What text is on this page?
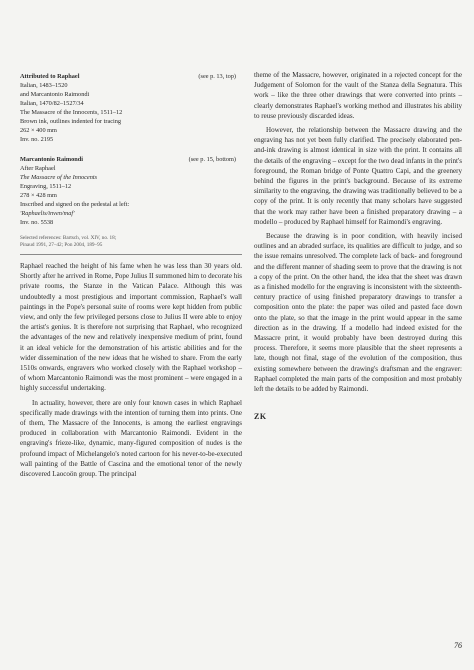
(see p. 13, top)

Attributed to Raphael

Italian, 1483–1520

and Marcantonio Raimondi

Italian, 1470/82–1527/34

The Massacre of the Innocents, 1511–12

Brown ink, outlines indented for tracing

262 × 400 mm

Inv. no. 2195

(see p. 15, bottom)

Marcantonio Raimondi

After Raphael

The Massacre of the Innocents

Engraving, 1511–12

278 × 428 mm

Inscribed and signed on the pedestal at left:

'Raphaelis/inven/maf'

Inv. no. 5538

Selected references: Bartsch, vol. XIV, no. 18;

Pinaud 1991, 27–42; Pon 2004, 189–95

Raphael reached the height of his fame when he was less than 30 years old. Shortly after he arrived in Rome, Pope Julius II summoned him to decorate his private rooms, the Stanze in the Vatican Palace. Although this was undoubtedly a most prestigious and important commission, Raphael's wall paintings in the Pope's personal suite of rooms were kept hidden from public view, and only the few privileged persons close to Julius II were able to enjoy the artist's genius. It is therefore not surprising that Raphael, who recognized the advantages of the new and relatively inexpensive medium of print, found it an ideal vehicle for the demonstration of his artistic abilities and for the wider dissemination of the new ideas that he wished to share. From the early 1510s onwards, engravers who worked closely with the Raphael workshop – of whom Marcantonio Raimondi was the most prominent – were engaged in a highly successful undertaking.

In actuality, however, there are only four known cases in which Raphael specifically made drawings with the intention of turning them into prints. One of them, The Massacre of the Innocents, is among the earliest engravings produced in collaboration with Marcantonio Raimondi. Evident in the engraving's frieze-like, dynamic, many-figured composition of nudes is the profound impact of Michelangelo's noted cartoon for his never-to-be-executed wall painting of the Battle of Cascina and the emotional tenor of the newly discovered Laocoön group. The principal

theme of the Massacre, however, originated in a rejected concept for the Judgement of Solomon for the vault of the Stanza della Segnatura. This work – like the three other drawings that were converted into prints – clearly demonstrates Raphael's working method and illustrates his ability to reuse previously discarded ideas.

However, the relationship between the Massacre drawing and the engraving has not yet been fully clarified. The precisely elaborated pen-and-ink drawing is almost identical in size with the print. It contains all the details of the engraving – except for the two dead infants in the print's foreground, the Roman bridge of Ponte Quattro Capi, and the greenery behind the figures in the print's background. Because of its extreme similarity to the engraving, the drawing was traditionally believed to be a copy of the print. It is only recently that many scholars have suggested that the work may rather have been a finished preparatory drawing – a modello – produced by Raphael himself for Raimondi's engraving.

Because the drawing is in poor condition, with heavily incised outlines and an abraded surface, its qualities are difficult to judge, and so the issue remains unresolved. The complete lack of back- and foreground and the different manner of shading seem to prove that the drawing is not a copy of the print. On the other hand, the idea that the sheet was drawn as a finished modello for the engraving is inconsistent with the sixteenth-century practice of using finished preparatory drawings to transfer a composition onto the plate: the paper was oiled and pasted face down onto the plate, so that the image in the print would appear in the same direction as in the drawing. If a modello had indeed existed for the Massacre print, it would probably have been destroyed during this process. Therefore, it seems more plausible that the sheet represents a late, though not final, stage of the evolution of the composition, thus existing somewhere between the drawing's draftsman and the engraver: Raphael completed the main parts of the composition and most probably left the details to be added by Raimondi.

ZK
76
